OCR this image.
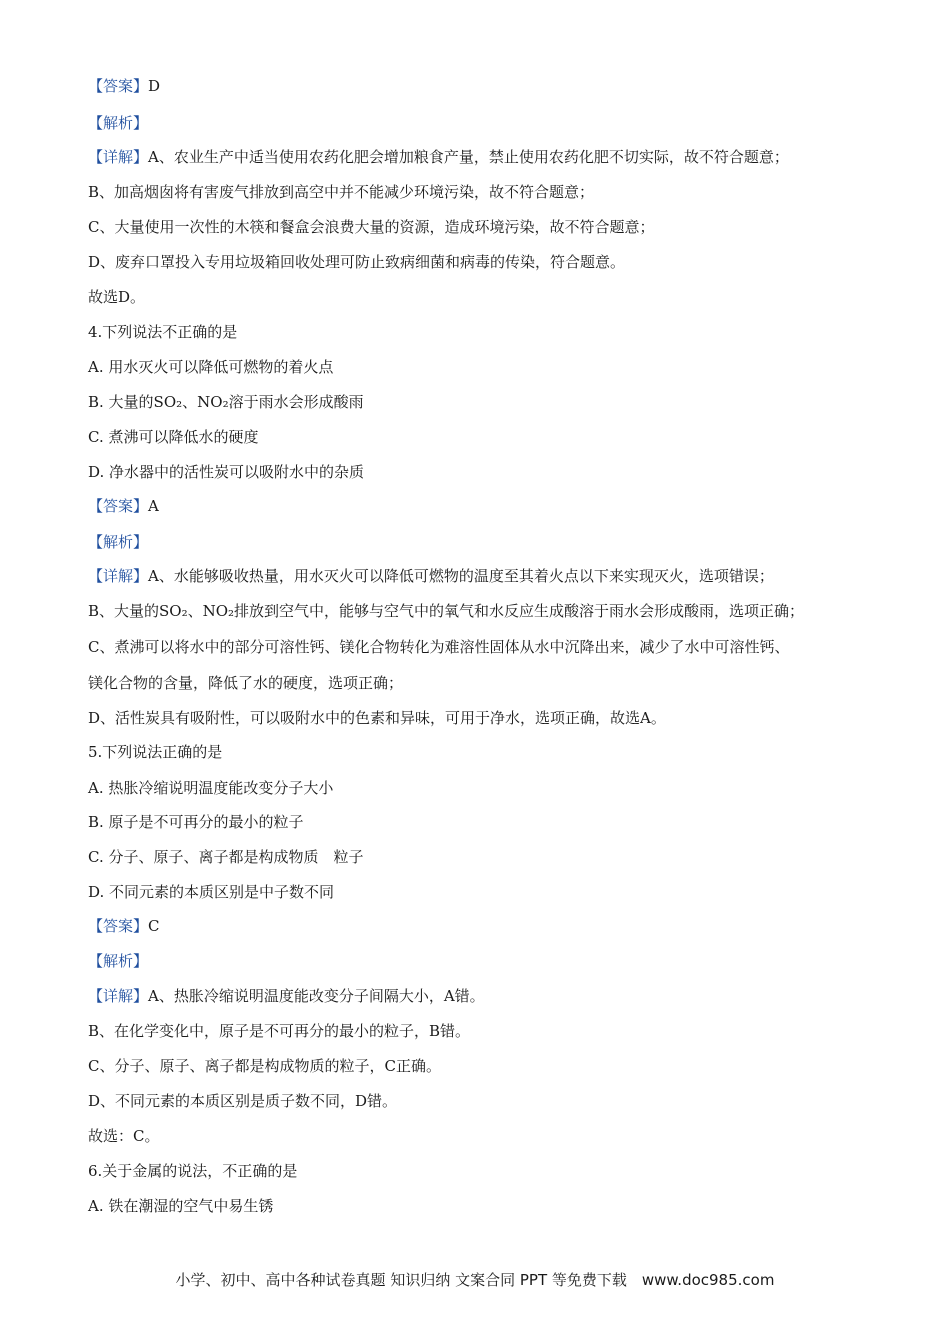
【答案】D
【解析】
【详解】A、农业生产中适当使用农药化肥会增加粮食产量，禁止使用农药化肥不切实际，故不符合题意；
B、加高烟囱将有害废气排放到高空中并不能减少环境污染，故不符合题意；
C、大量使用一次性的木筷和餐盒会浪费大量的资源，造成环境污染，故不符合题意；
D、废弃口罩投入专用垃圾箱回收处理可防止致病细菌和病毒的传染，符合题意。
故选D。
4.下列说法不正确的是
A. 用水灭火可以降低可燃物的着火点
B. 大量的SO₂、NO₂溶于雨水会形成酸雨
C. 煮沸可以降低水的硬度
D. 净水器中的活性炭可以吸附水中的杂质
【答案】A
【解析】
【详解】A、水能够吸收热量，用水灭火可以降低可燃物的温度至其着火点以下来实现灭火，选项错误；
B、大量的SO₂、NO₂排放到空气中，能够与空气中的氧气和水反应生成酸溶于雨水会形成酸雨，选项正确；
C、煮沸可以将水中的部分可溶性钙、镁化合物转化为难溶性固体从水中沉降出来，减少了水中可溶性钙、
镁化合物的含量，降低了水的硬度，选项正确；
D、活性炭具有吸附性，可以吸附水中的色素和异味，可用于净水，选项正确，故选A。
5.下列说法正确的是
A. 热胀冷缩说明温度能改变分子大小
B. 原子是不可再分的最小的粒子
C. 分子、原子、离子都是构成物质　粒子
D. 不同元素的本质区别是中子数不同
【答案】C
【解析】
【详解】A、热胀冷缩说明温度能改变分子间隔大小，A错。
B、在化学变化中，原子是不可再分的最小的粒子，B错。
C、分子、原子、离子都是构成物质的粒子，C正确。
D、不同元素的本质区别是质子数不同，D错。
故选：C。
6.关于金属的说法，不正确的是
A. 铁在潮湿的空气中易生锈
小学、初中、高中各种试卷真题 知识归纳 文案合同 PPT 等免费下载　www.doc985.com
